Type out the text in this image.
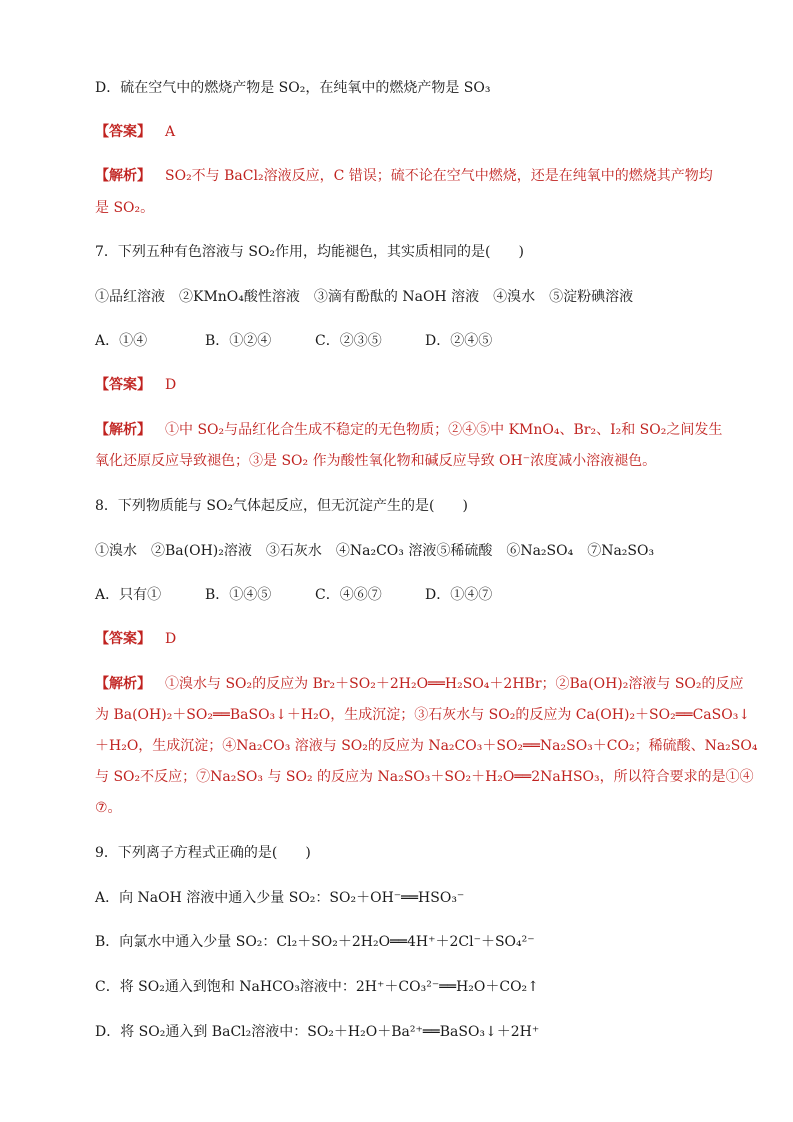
D．硫在空气中的燃烧产物是 SO₂，在纯氧中的燃烧产物是 SO₃
【答案】 A
【解析】 SO₂不与 BaCl₂溶液反应，C 错误；硫不论在空气中燃烧，还是在纯氧中的燃烧其产物均
是 SO₂。
7．下列五种有色溶液与 SO₂作用，均能褪色，其实质相同的是(　　)
①品红溶液　②KMnO₄酸性溶液　③滴有酚酞的 NaOH 溶液　④溴水　⑤淀粉碘溶液
A．①④	B．①②④	C．②③⑤	D．②④⑤
【答案】 D
【解析】 ①中 SO₂与品红化合生成不稳定的无色物质；②④⑤中 KMnO₄、Br₂、I₂和 SO₂之间发生
氧化还原反应导致褪色；③是 SO₂ 作为酸性氧化物和碱反应导致 OH⁻浓度减小溶液褪色。
8．下列物质能与 SO₂气体起反应，但无沉淀产生的是(　　)
①溴水　②Ba(OH)₂溶液　③石灰水　④Na₂CO₃ 溶液⑤稀硫酸　⑥Na₂SO₄　⑦Na₂SO₃
A．只有①	B．①④⑤	C．④⑥⑦	D．①④⑦
【答案】 D
【解析】 ①溴水与 SO₂的反应为 Br₂＋SO₂＋2H₂O══H₂SO₄＋2HBr；②Ba(OH)₂溶液与 SO₂的反应
为 Ba(OH)₂＋SO₂══BaSO₃↓＋H₂O，生成沉淀；③石灰水与 SO₂的反应为 Ca(OH)₂＋SO₂══CaSO₃↓
＋H₂O，生成沉淀；④Na₂CO₃ 溶液与 SO₂的反应为 Na₂CO₃＋SO₂══Na₂SO₃＋CO₂；稀硫酸、Na₂SO₄
与 SO₂不反应；⑦Na₂SO₃ 与 SO₂ 的反应为 Na₂SO₃＋SO₂＋H₂O══2NaHSO₃，所以符合要求的是①④
⑦。
9．下列离子方程式正确的是(　　)
A．向 NaOH 溶液中通入少量 SO₂：SO₂＋OH⁻══HSO₃⁻
B．向氯水中通入少量 SO₂：Cl₂＋SO₂＋2H₂O══4H⁺＋2Cl⁻＋SO₄²⁻
C．将 SO₂通入到饱和 NaHCO₃溶液中：2H⁺＋CO₃²⁻══H₂O＋CO₂↑
D．将 SO₂通入到 BaCl₂溶液中：SO₂＋H₂O＋Ba²⁺══BaSO₃↓＋2H⁺
